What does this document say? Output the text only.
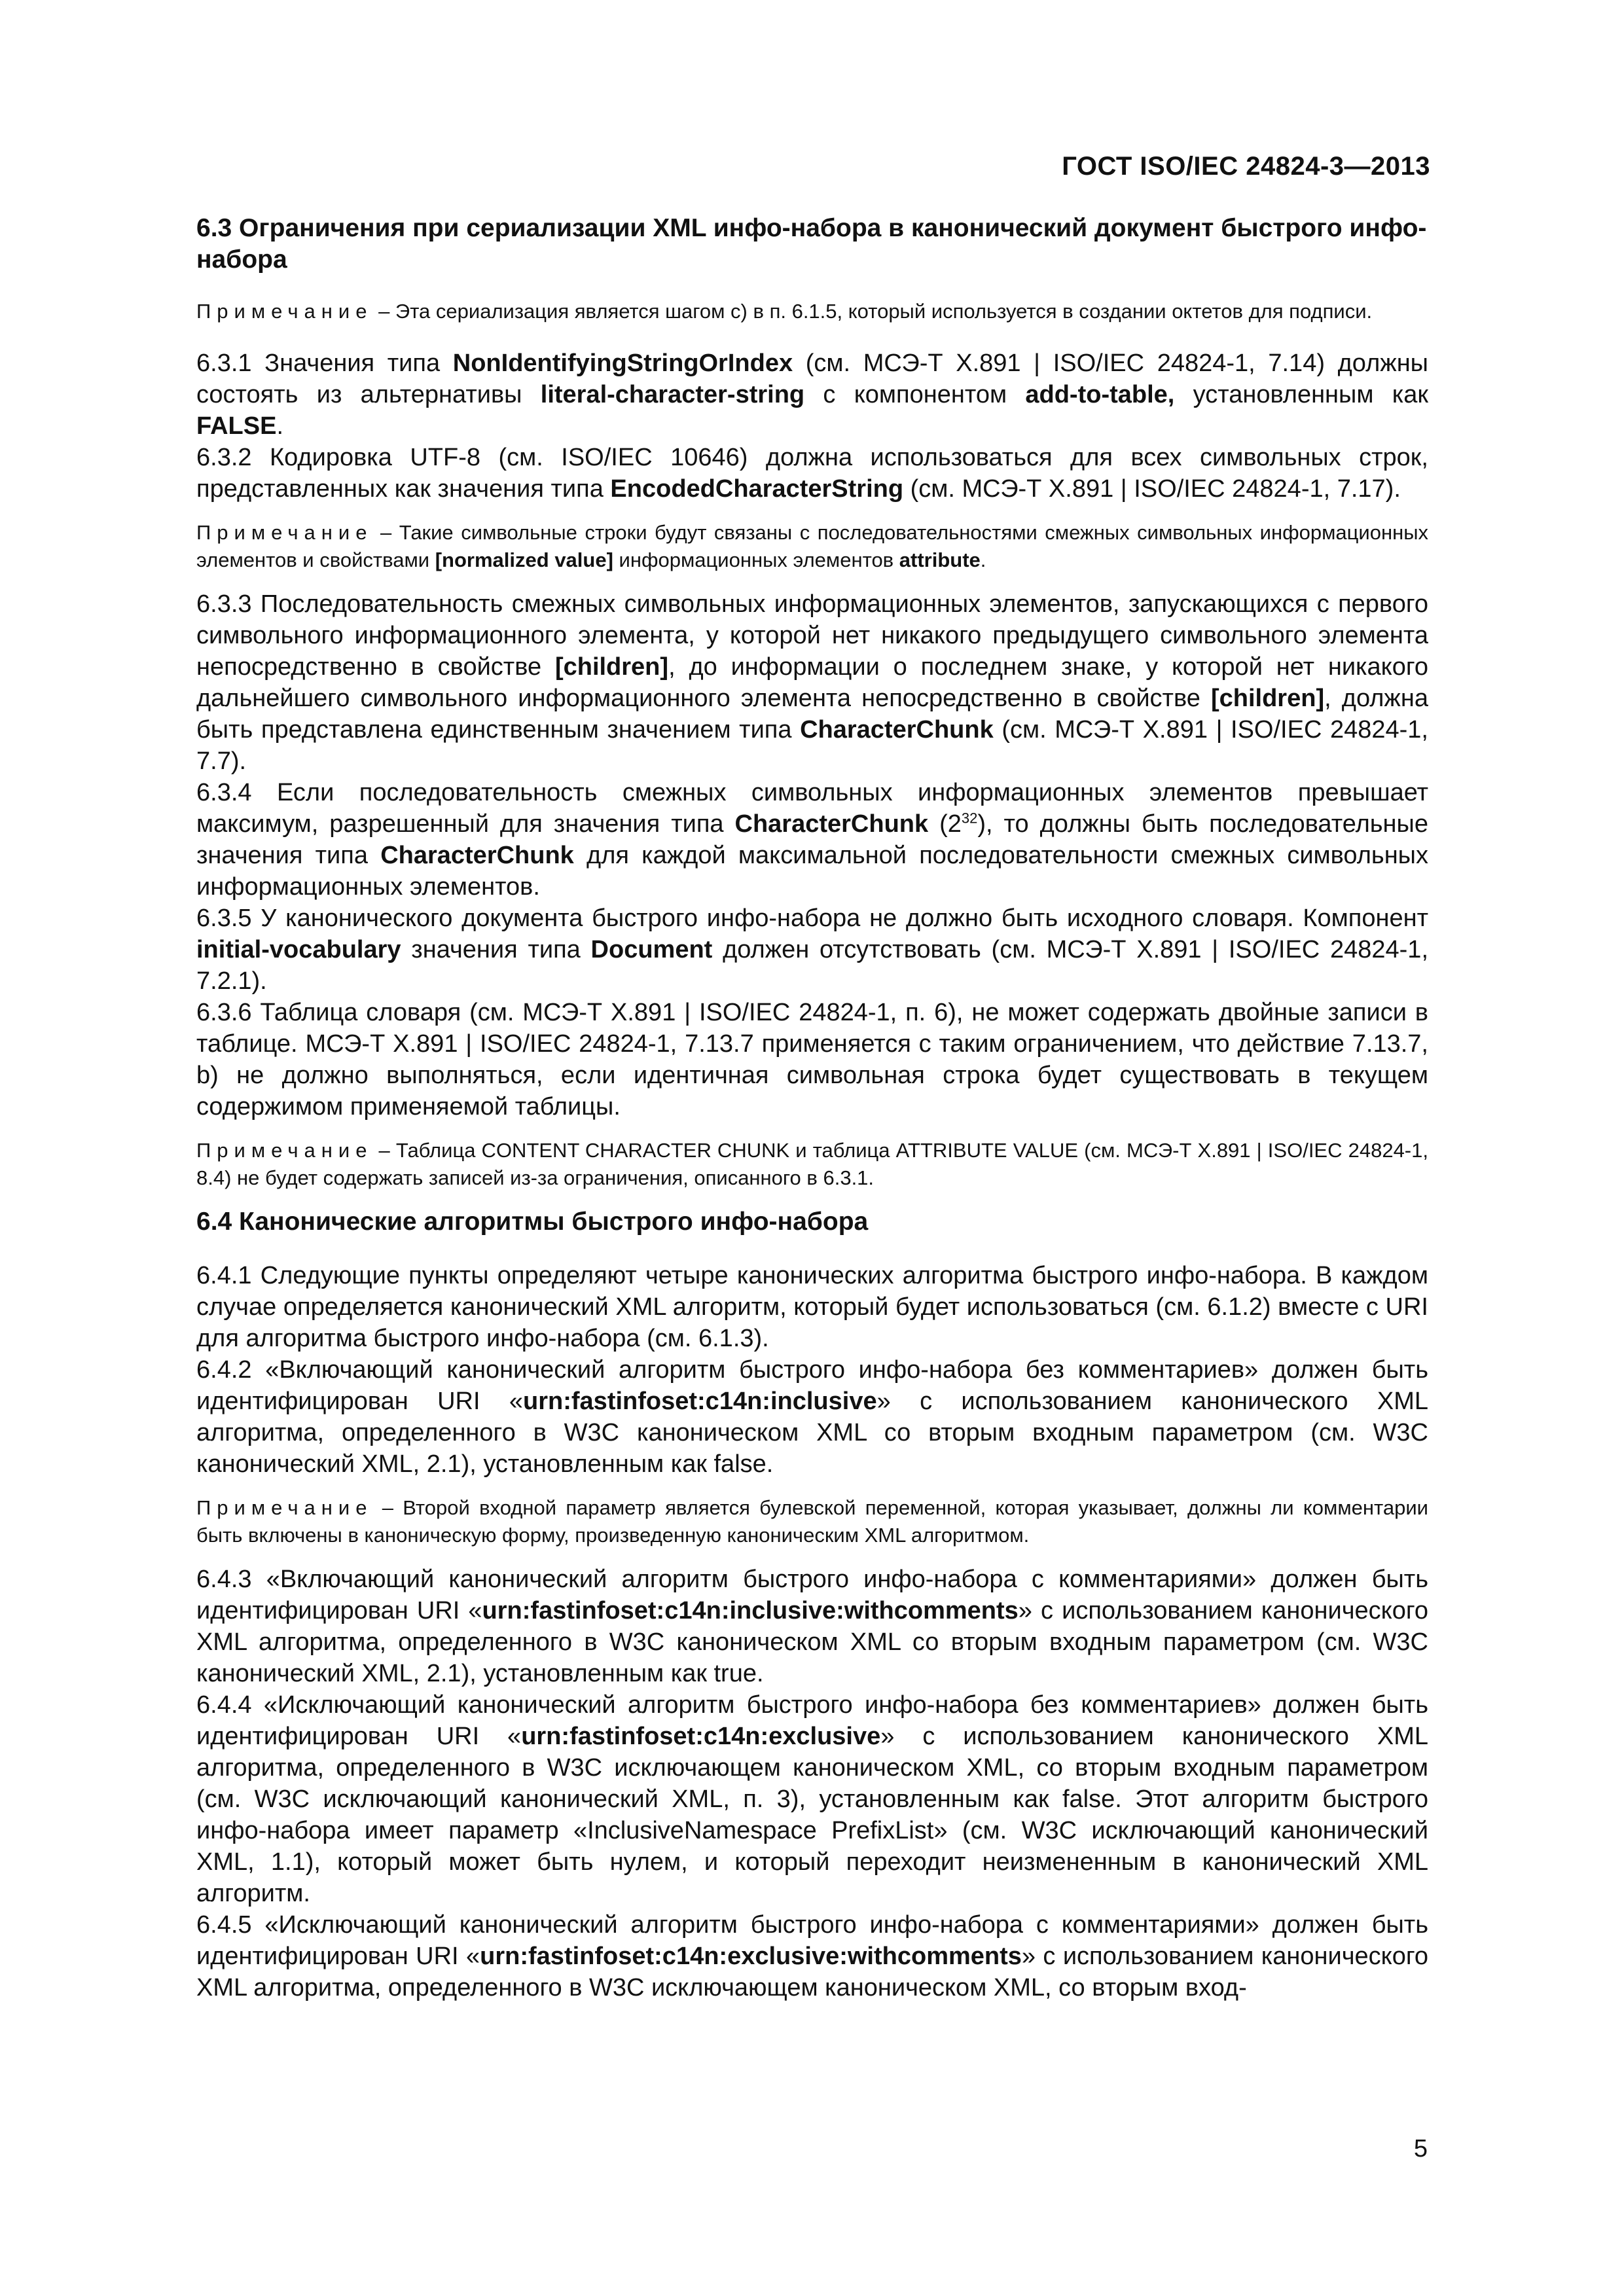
ГОСТ ISO/IEC 24824-3—2013

6.3 Ограничения при сериализации XML инфо-набора в канонический документ быстрого инфо-набора

Примечание – Эта сериализация является шагом с) в п. 6.1.5, который используется в создании октетов для подписи.

6.3.1 Значения типа NonIdentifyingStringOrIndex (см. МСЭ-Т X.891 | ISO/IEC 24824-1, 7.14) должны состоять из альтернативы literal-character-string с компонентом add-to-table, установленным как FALSE.

6.3.2 Кодировка UTF-8 (см. ISO/IEC 10646) должна использоваться для всех символьных строк, представленных как значения типа EncodedCharacterString (см. МСЭ-Т X.891 | ISO/IEC 24824-1, 7.17).

Примечание – Такие символьные строки будут связаны с последовательностями смежных символьных информационных элементов и свойствами [normalized value] информационных элементов attribute.

6.3.3 Последовательность смежных символьных информационных элементов, запускающихся с первого символьного информационного элемента, у которой нет никакого предыдущего символьного элемента непосредственно в свойстве [children], до информации о последнем знаке, у которой нет никакого дальнейшего символьного информационного элемента непосредственно в свойстве [children], должна быть представлена единственным значением типа CharacterChunk (см. МСЭ-Т X.891 | ISO/IEC 24824-1, 7.7).

6.3.4 Если последовательность смежных символьных информационных элементов превышает максимум, разрешенный для значения типа CharacterChunk $(2^{32})$, то должны быть последовательные значения типа CharacterChunk для каждой максимальной последовательности смежных символьных информационных элементов.

6.3.5 У канонического документа быстрого инфо-набора не должно быть исходного словаря. Компонент initial-vocabulary значения типа Document должен отсутствовать (см. МСЭ-Т X.891 | ISO/IEC 24824-1, 7.2.1).

6.3.6 Таблица словаря (см. МСЭ-Т X.891 | ISO/IEC 24824-1, п. 6), не может содержать двойные записи в таблице. МСЭ-Т X.891 | ISO/IEC 24824-1, 7.13.7 применяется с таким ограничением, что действие 7.13.7, b) не должно выполняться, если идентичная символьная строка будет существовать в текущем содержимом применяемой таблицы.

Примечание – Таблица CONTENT CHARACTER CHUNK и таблица ATTRIBUTE VALUE (см. МСЭ-Т X.891 | ISO/IEC 24824-1, 8.4) не будет содержать записей из-за ограничения, описанного в 6.3.1.

6.4 Канонические алгоритмы быстрого инфо-набора

6.4.1 Следующие пункты определяют четыре канонических алгоритма быстрого инфо-набора. В каждом случае определяется канонический XML алгоритм, который будет использоваться (см. 6.1.2) вместе с URI для алгоритма быстрого инфо-набора (см. 6.1.3).

6.4.2 «Включающий канонический алгоритм быстрого инфо-набора без комментариев» должен быть идентифицирован URI «urn:fastinfoset:c14n:inclusive» с использованием канонического XML алгоритма, определенного в W3C каноническом XML со вторым входным параметром (см. W3C канонический XML, 2.1), установленным как false.

Примечание – Второй входной параметр является булевской переменной, которая указывает, должны ли комментарии быть включены в каноническую форму, произведенную каноническим XML алгоритмом.

6.4.3 «Включающий канонический алгоритм быстрого инфо-набора с комментариями» должен быть идентифицирован URI «urn:fastinfoset:c14n:inclusive:withcomments» с использованием канонического XML алгоритма, определенного в W3C каноническом XML со вторым входным параметром (см. W3C канонический XML, 2.1), установленным как true.

6.4.4 «Исключающий канонический алгоритм быстрого инфо-набора без комментариев» должен быть идентифицирован URI «urn:fastinfoset:c14n:exclusive» с использованием канонического XML алгоритма, определенного в W3C исключающем каноническом XML, со вторым входным параметром (см. W3C исключающий канонический XML, п. 3), установленным как false. Этот алгоритм быстрого инфо-набора имеет параметр «InclusiveNamespace PrefixList» (см. W3C исключающий канонический XML, 1.1), который может быть нулем, и который переходит неизмененным в канонический XML алгоритм.

6.4.5 «Исключающий канонический алгоритм быстрого инфо-набора с комментариями» должен быть идентифицирован URI «urn:fastinfoset:c14n:exclusive:withcomments» с использованием канонического XML алгоритма, определенного в W3C исключающем каноническом XML, со вторым вход-

5
